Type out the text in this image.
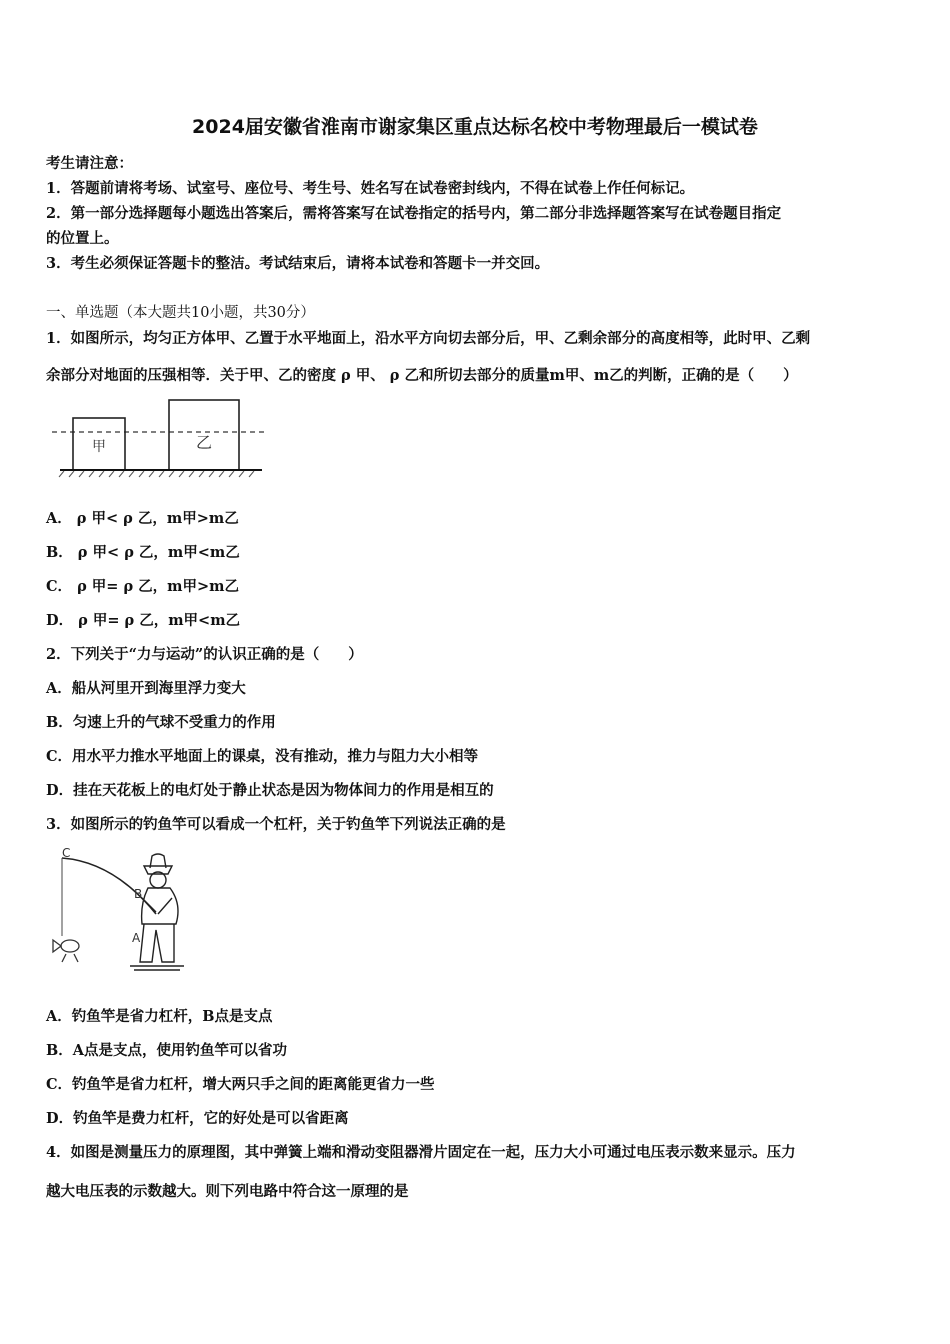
2024届安徽省淮南市谢家集区重点达标名校中考物理最后一模试卷
考生请注意：
1．答题前请将考场、试室号、座位号、考生号、姓名写在试卷密封线内，不得在试卷上作任何标记。
2．第一部分选择题每小题选出答案后，需将答案写在试卷指定的括号内，第二部分非选择题答案写在试卷题目指定
的位置上。
3．考生必须保证答题卡的整洁。考试结束后，请将本试卷和答题卡一并交回。
一、单选题（本大题共10小题，共30分）
1．如图所示，均匀正方体甲、乙置于水平地面上，沿水平方向切去部分后，甲、乙剩余部分的高度相等，此时甲、乙剩
余部分对地面的压强相等．关于甲、乙的密度 ρ 甲、 ρ 乙和所切去部分的质量m甲、m乙的判断，正确的是（　　）
甲	乙
A． ρ 甲< ρ 乙，m甲>m乙
B． ρ 甲< ρ 乙，m甲<m乙
C． ρ 甲= ρ 乙，m甲>m乙
D． ρ 甲= ρ 乙，m甲<m乙
2．下列关于“力与运动”的认识正确的是（　　）
A．船从河里开到海里浮力变大
B．匀速上升的气球不受重力的作用
C．用水平力推水平地面上的课桌，没有推动，推力与阻力大小相等
D．挂在天花板上的电灯处于静止状态是因为物体间力的作用是相互的
3．如图所示的钓鱼竿可以看成一个杠杆，关于钓鱼竿下列说法正确的是
C
B
A
A．钓鱼竿是省力杠杆，B点是支点
B．A点是支点，使用钓鱼竿可以省功
C．钓鱼竿是省力杠杆，增大两只手之间的距离能更省力一些
D．钓鱼竿是费力杠杆，它的好处是可以省距离
4．如图是测量压力的原理图，其中弹簧上端和滑动变阻器滑片固定在一起，压力大小可通过电压表示数来显示。压力
越大电压表的示数越大。则下列电路中符合这一原理的是
